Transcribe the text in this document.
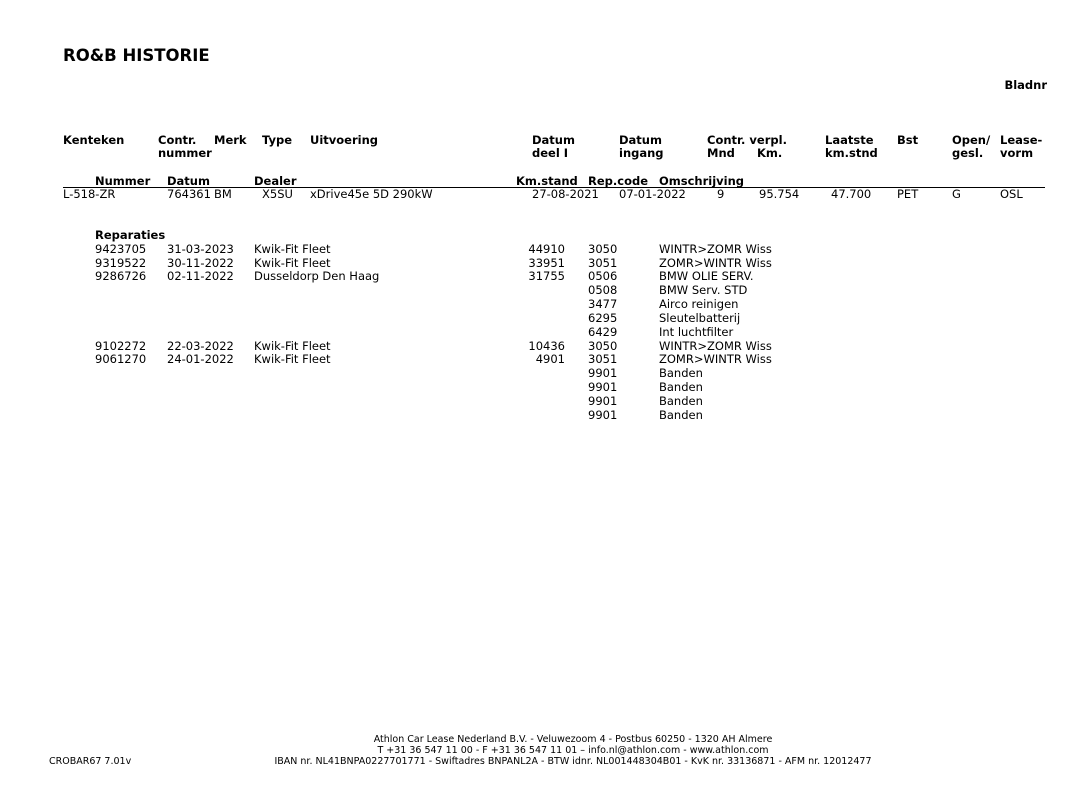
RO&B HISTORIE
Bladnr
Kenteken	Contr.
nummer
Merk Type Uitvoering	Datum
deel I
Datum
ingang
Contr. verpl.
Mnd Km.
Laatste
km.stnd
Bst	Open/
gesl.
Lease-
vorm
Nummer Datum	Dealer	Km.stand Rep.code Omschrijving
L-518-ZR	764361 BM	X5SU xDrive45e 5D 290kW	27-08-2021 07-01-2022	9	95.754	47.700 PET	G	OSL
Reparaties
9423705 31-03-2023 Kwik-Fit Fleet	44910 3050	WINTR>ZOMR Wiss
9319522 30-11-2022 Kwik-Fit Fleet	33951 3051	ZOMR>WINTR Wiss
9286726 02-11-2022 Dusseldorp Den Haag	31755 0506	BMW OLIE SERV.
0508	BMW Serv. STD
3477	Airco reinigen
6295	Sleutelbatterij
6429	Int luchtfilter
9102272 22-03-2022 Kwik-Fit Fleet	10436 3050	WINTR>ZOMR Wiss
9061270 24-01-2022 Kwik-Fit Fleet	4901 3051	ZOMR>WINTR Wiss
9901	Banden
9901	Banden
9901	Banden
9901	Banden
CROBAR67 7.01v
Athlon Car Lease Nederland B.V. - Veluwezoom 4 - Postbus 60250 - 1320 AH Almere
T +31 36 547 11 00 - F +31 36 547 11 01 – info.nl@athlon.com - www.athlon.com
IBAN nr. NL41BNPA0227701771 - Swiftadres BNPANL2A - BTW idnr. NL001448304B01 - KvK nr. 33136871 - AFM nr. 12012477
